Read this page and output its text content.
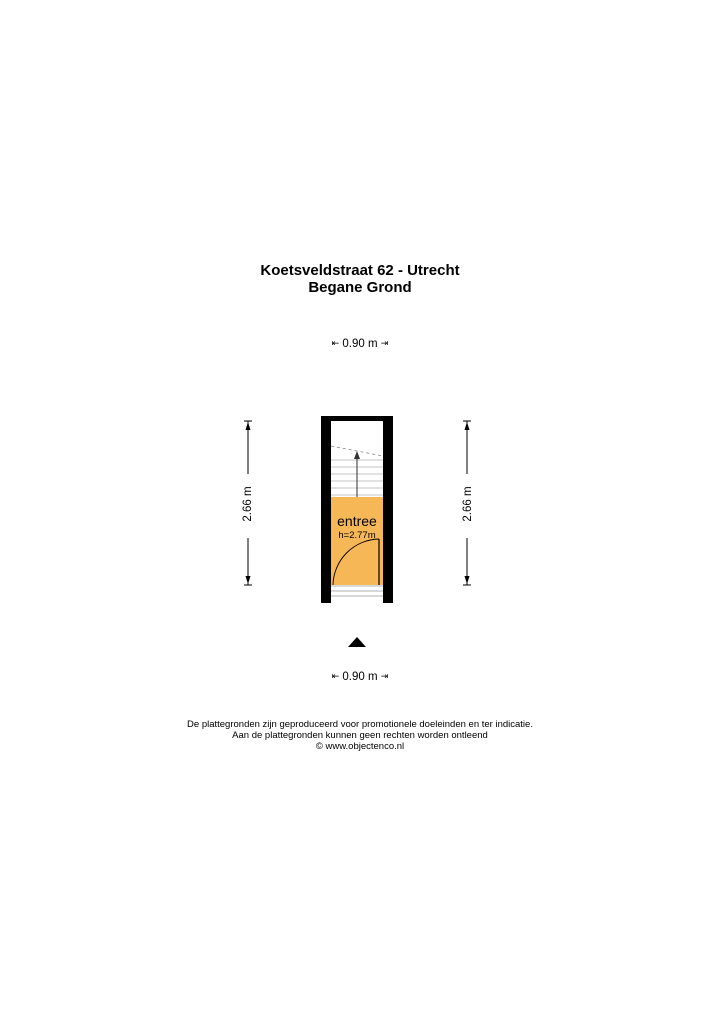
Koetsveldstraat 62 - Utrecht
Begane Grond
⇤ 0.90 m ⇥
2.66 m	2.66 m
entree
h=2.77m
⇤ 0.90 m ⇥
De plattegronden zijn geproduceerd voor promotionele doeleinden en ter indicatie.
Aan de plattegronden kunnen geen rechten worden ontleend
© www.objectenco.nl
